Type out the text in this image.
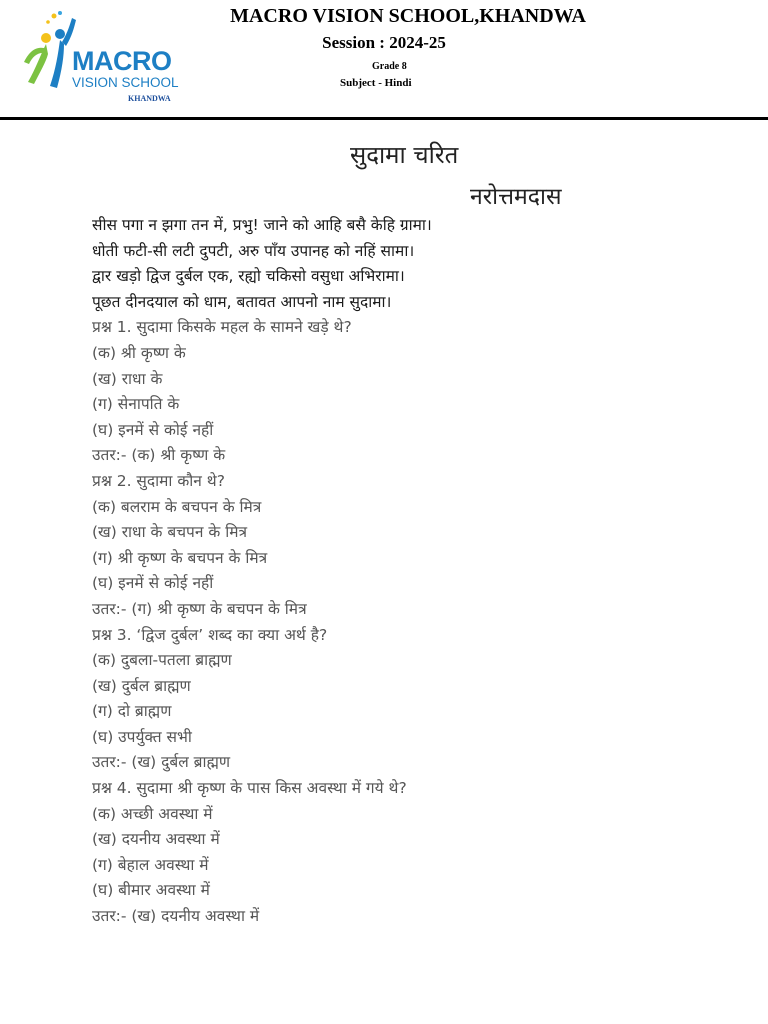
MACRO
VISION SCHOOL
KHANDWA
MACRO VISION SCHOOL,KHANDWA
Session : 2024-25
Grade 8
Subject - Hindi
सुदामा चरित
नरोत्तमदास
सीस पगा न झगा तन में, प्रभु! जाने को आहि बसै केहि ग्रामा।
धोती फटी-सी लटी दुपटी, अरु पाँय उपानह को नहिं सामा।
द्वार खड़ो द्विज दुर्बल एक, रह्यो चकिसो वसुधा अभिरामा।
पूछत दीनदयाल को धाम, बतावत आपनो नाम सुदामा।
प्रश्न 1. सुदामा किसके महल के सामने खड़े थे?
(क) श्री कृष्ण के
(ख) राधा के
(ग) सेनापति के
(घ) इनमें से कोई नहीं
उतर:- (क) श्री कृष्ण के
प्रश्न 2. सुदामा कौन थे?
(क) बलराम के बचपन के मित्र
(ख) राधा के बचपन के मित्र
(ग) श्री कृष्ण के बचपन के मित्र
(घ) इनमें से कोई नहीं
उतर:- (ग) श्री कृष्ण के बचपन के मित्र
प्रश्न 3. ‘द्विज दुर्बल’ शब्द का क्या अर्थ है?
(क) दुबला-पतला ब्राह्मण
(ख) दुर्बल ब्राह्मण
(ग) दो ब्राह्मण
(घ) उपर्युक्त सभी
उतर:- (ख) दुर्बल ब्राह्मण
प्रश्न 4. सुदामा श्री कृष्ण के पास किस अवस्था में गये थे?
(क) अच्छी अवस्था में
(ख) दयनीय अवस्था में
(ग) बेहाल अवस्था में
(घ) बीमार अवस्था में
उतर:- (ख) दयनीय अवस्था में
